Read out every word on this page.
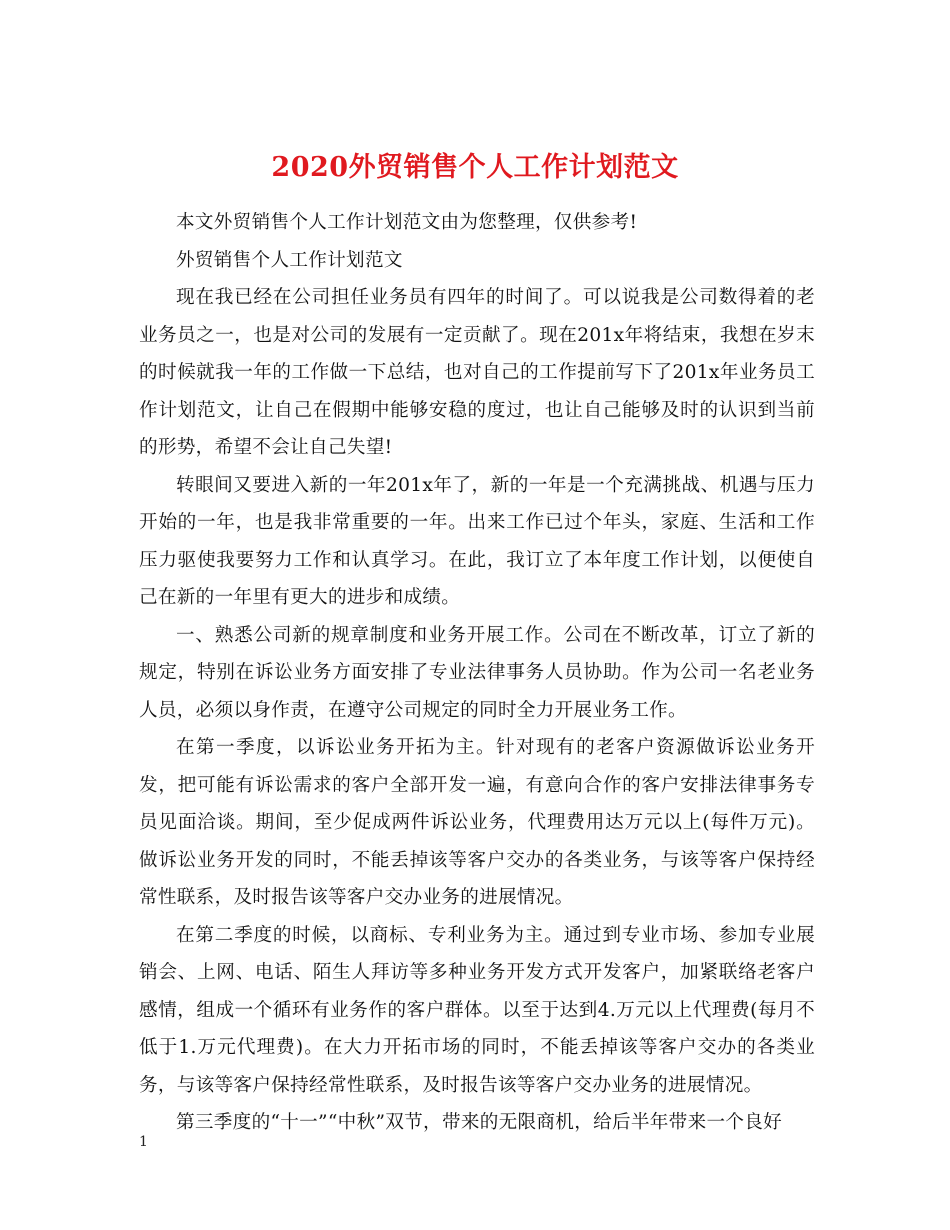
2020外贸销售个人工作计划范文

本文外贸销售个人工作计划范文由为您整理，仅供参考!

外贸销售个人工作计划范文

现在我已经在公司担任业务员有四年的时间了。可以说我是公司数得着的老业务员之一，也是对公司的发展有一定贡献了。现在201x年将结束，我想在岁末的时候就我一年的工作做一下总结，也对自己的工作提前写下了201x年业务员工作计划范文，让自己在假期中能够安稳的度过，也让自己能够及时的认识到当前的形势，希望不会让自己失望!

转眼间又要进入新的一年201x年了，新的一年是一个充满挑战、机遇与压力开始的一年，也是我非常重要的一年。出来工作已过个年头，家庭、生活和工作压力驱使我要努力工作和认真学习。在此，我订立了本年度工作计划，以便使自己在新的一年里有更大的进步和成绩。

一、熟悉公司新的规章制度和业务开展工作。公司在不断改革，订立了新的规定，特别在诉讼业务方面安排了专业法律事务人员协助。作为公司一名老业务人员，必须以身作责，在遵守公司规定的同时全力开展业务工作。

在第一季度，以诉讼业务开拓为主。针对现有的老客户资源做诉讼业务开发，把可能有诉讼需求的客户全部开发一遍，有意向合作的客户安排法律事务专员见面洽谈。期间，至少促成两件诉讼业务，代理费用达万元以上(每件万元)。做诉讼业务开发的同时，不能丢掉该等客户交办的各类业务，与该等客户保持经常性联系，及时报告该等客户交办业务的进展情况。

在第二季度的时候，以商标、专利业务为主。通过到专业市场、参加专业展销会、上网、电话、陌生人拜访等多种业务开发方式开发客户，加紧联络老客户感情，组成一个循环有业务作的客户群体。以至于达到4.万元以上代理费(每月不低于1.万元代理费)。在大力开拓市场的同时，不能丢掉该等客户交办的各类业务，与该等客户保持经常性联系，及时报告该等客户交办业务的进展情况。

第三季度的“十一”“中秋”双节，带来的无限商机，给后半年带来一个良好

1
